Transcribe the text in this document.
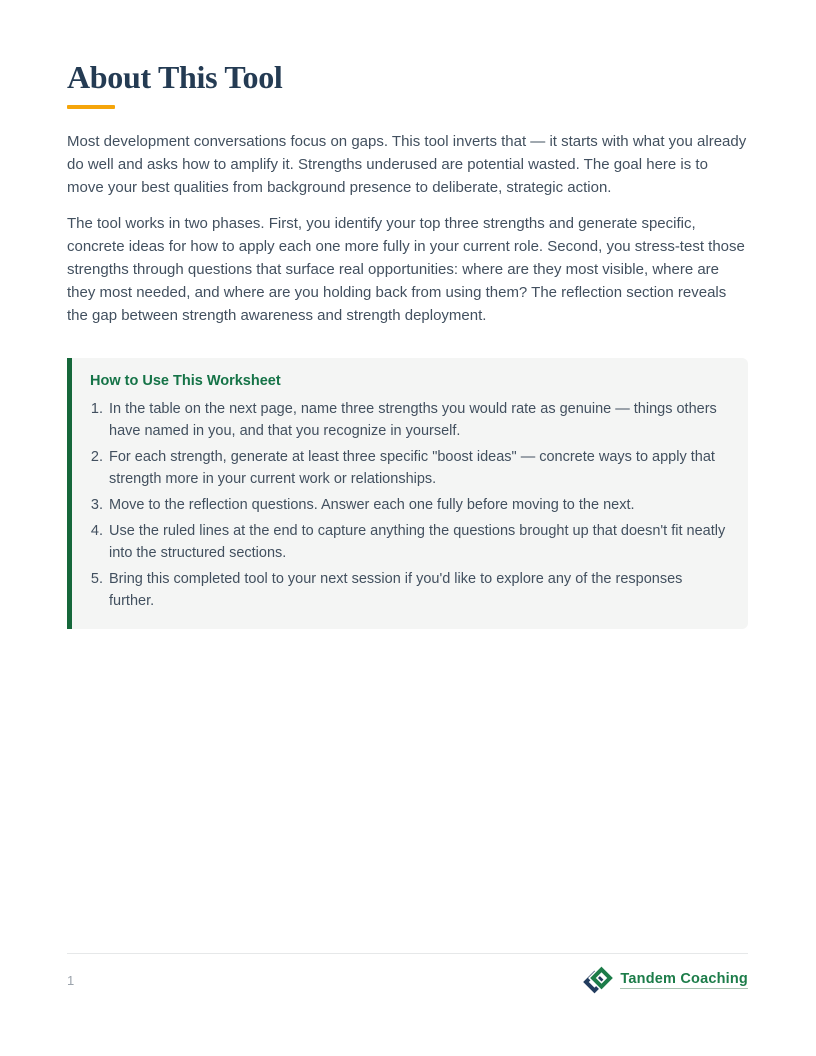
About This Tool

Most development conversations focus on gaps. This tool inverts that — it starts with what you already do well and asks how to amplify it. Strengths underused are potential wasted. The goal here is to move your best qualities from background presence to deliberate, strategic action.

The tool works in two phases. First, you identify your top three strengths and generate specific, concrete ideas for how to apply each one more fully in your current role. Second, you stress-test those strengths through questions that surface real opportunities: where are they most visible, where are they most needed, and where are you holding back from using them? The reflection section reveals the gap between strength awareness and strength deployment.

How to Use This Worksheet
1. In the table on the next page, name three strengths you would rate as genuine — things others have named in you, and that you recognize in yourself.
2. For each strength, generate at least three specific "boost ideas" — concrete ways to apply that strength more in your current work or relationships.
3. Move to the reflection questions. Answer each one fully before moving to the next.
4. Use the ruled lines at the end to capture anything the questions brought up that doesn't fit neatly into the structured sections.
5. Bring this completed tool to your next session if you'd like to explore any of the responses further.
1	Tandem Coaching
